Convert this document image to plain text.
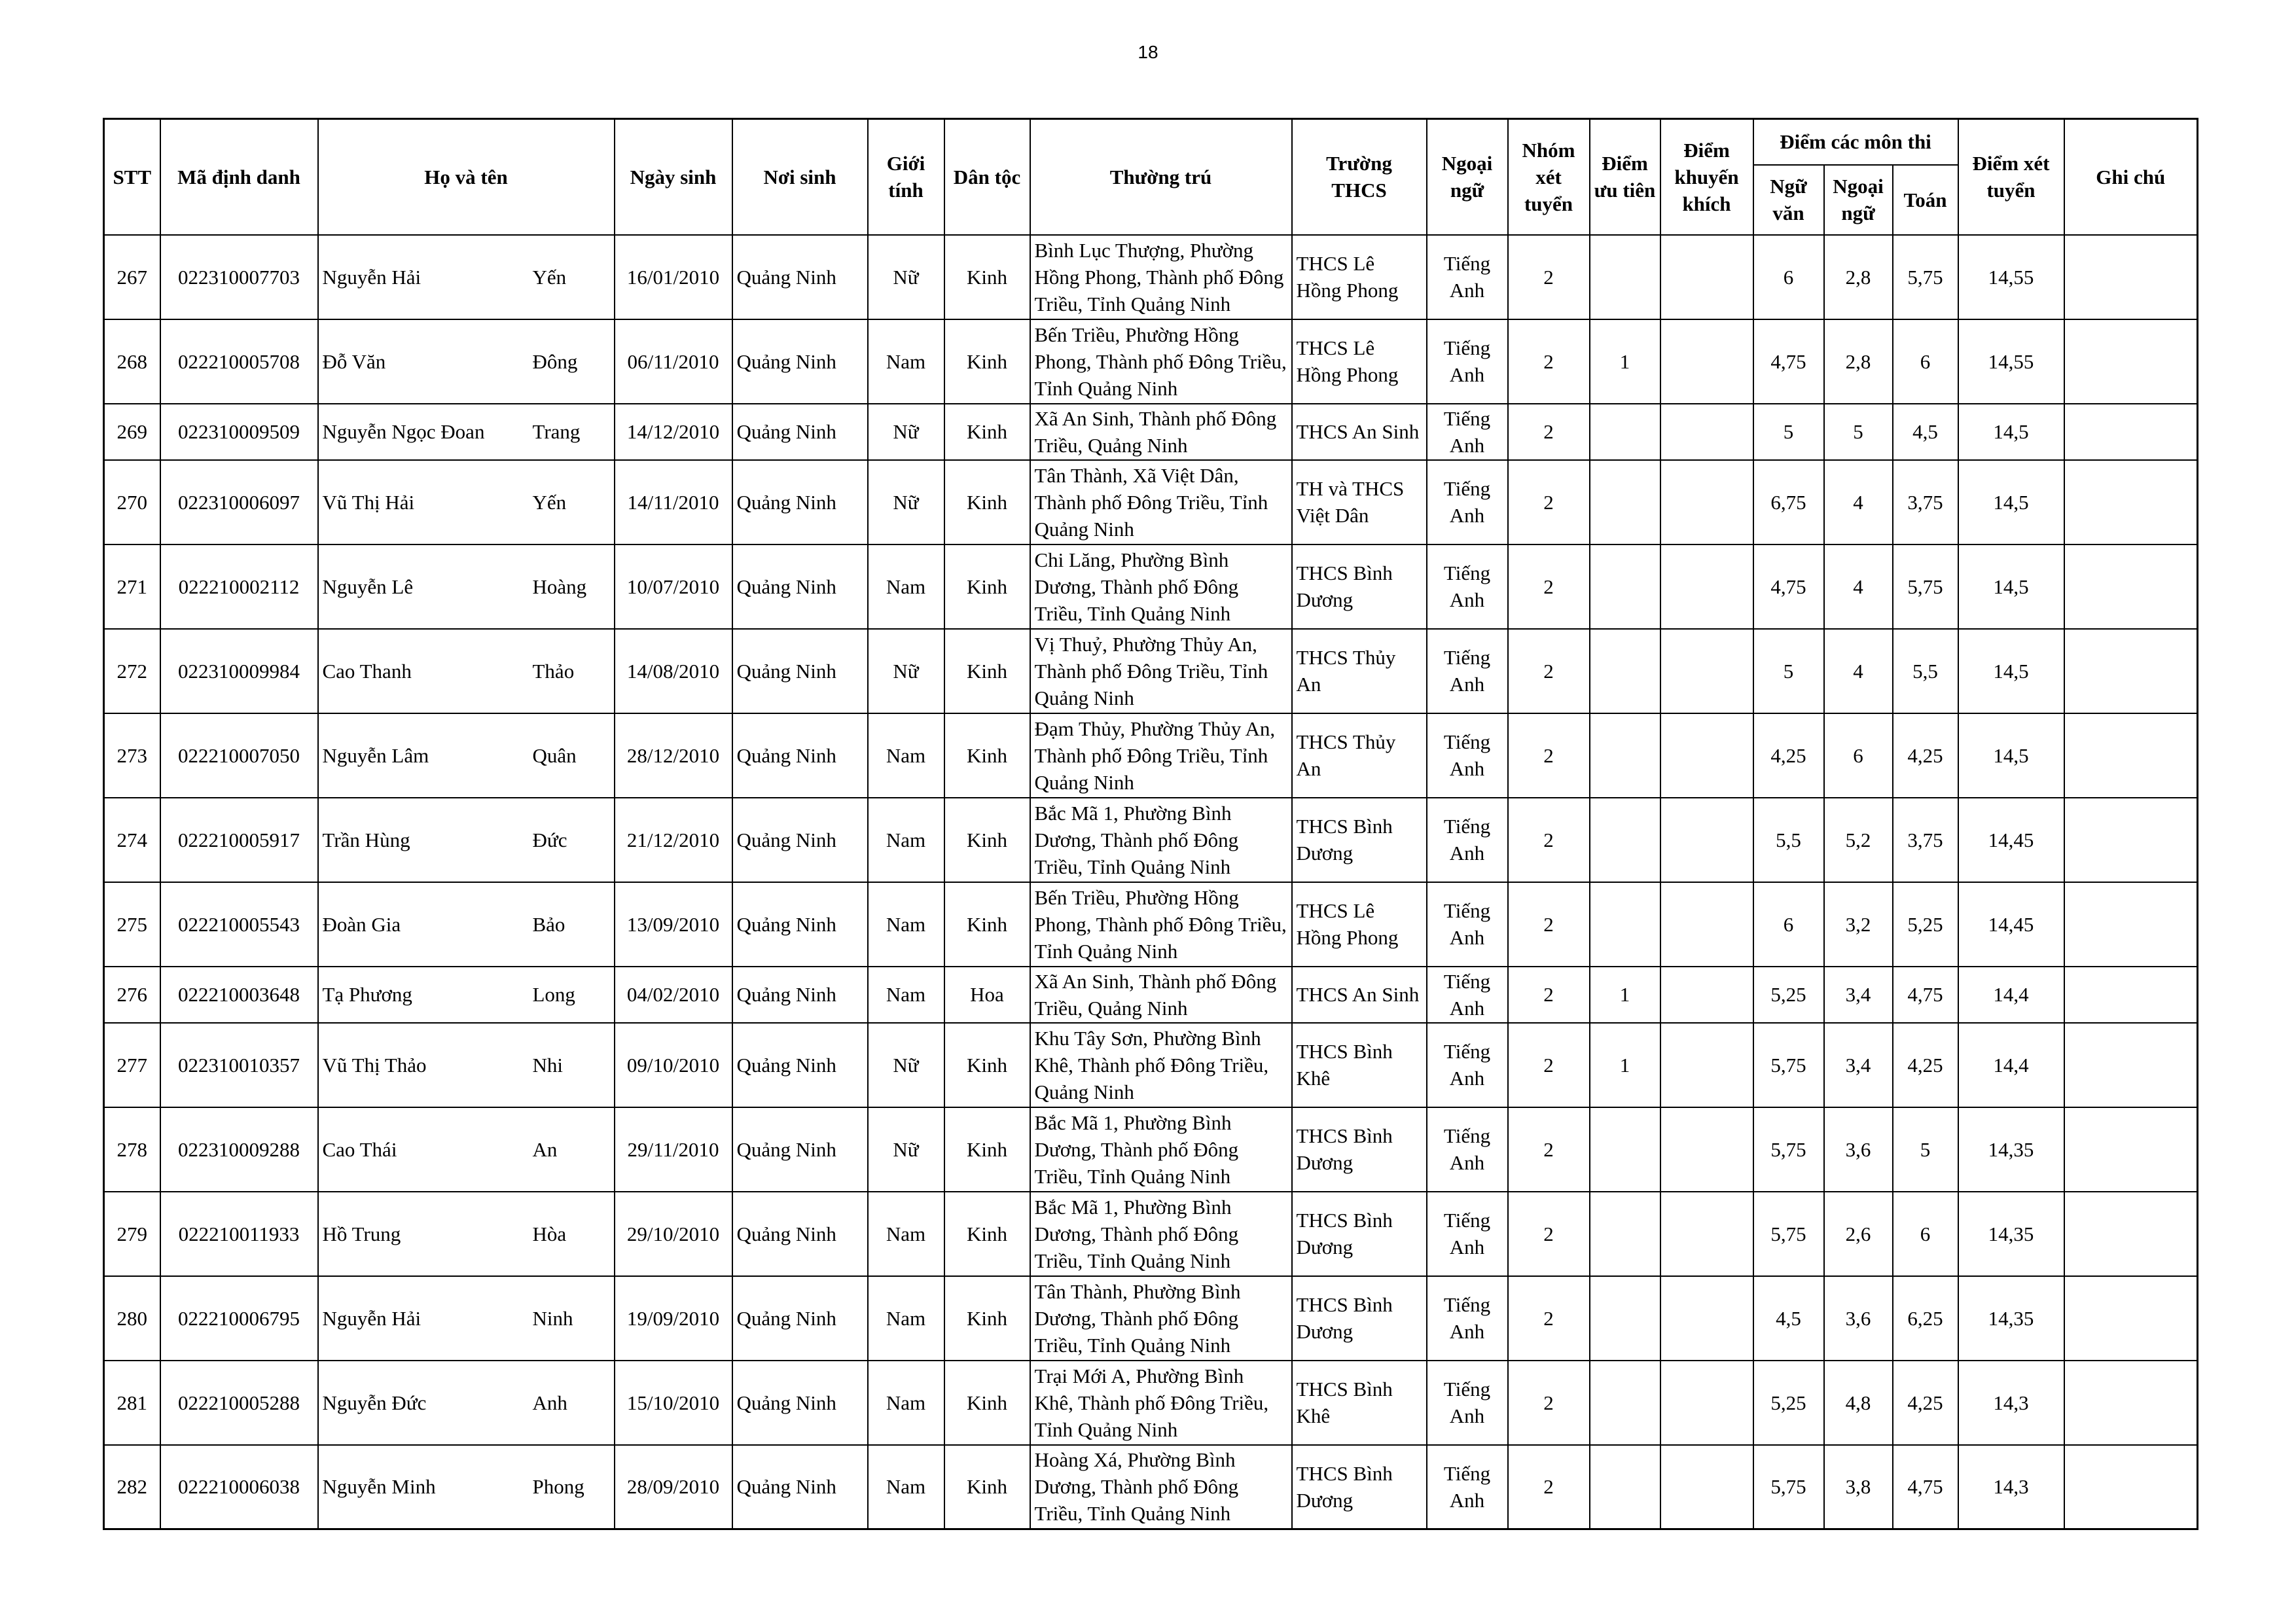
18
STT	Mã định danh	Họ và tên	Ngày sinh	Nơi sinh	Giới tính	Dân tộc	Thường trú	Trường THCS	Ngoại ngữ	Nhóm xét tuyển	Điểm ưu tiên	Điểm khuyến khích	Điểm các môn thi			Điểm xét tuyển	Ghi chú
													Ngữ văn	Ngoại ngữ	Toán		
267	022310007703	Nguyễn Hải Yến	16/01/2010	Quảng Ninh	Nữ	Kinh	Bình Lục Thượng, Phường Hồng Phong, Thành phố Đông Triều, Tỉnh Quảng Ninh	THCS Lê Hồng Phong	Tiếng Anh	2			6	2,8	5,75	14,55	
268	022210005708	Đỗ Văn Đông	06/11/2010	Quảng Ninh	Nam	Kinh	Bến Triều, Phường Hồng Phong, Thành phố Đông Triều, Tỉnh Quảng Ninh	THCS Lê Hồng Phong	Tiếng Anh	2	1		4,75	2,8	6	14,55	
269	022310009509	Nguyễn Ngọc Đoan Trang	14/12/2010	Quảng Ninh	Nữ	Kinh	Xã An Sinh, Thành phố Đông Triều, Quảng Ninh	THCS An Sinh	Tiếng Anh	2			5	5	4,5	14,5	
270	022310006097	Vũ Thị Hải Yến	14/11/2010	Quảng Ninh	Nữ	Kinh	Tân Thành, Xã Việt Dân, Thành phố Đông Triều, Tỉnh Quảng Ninh	TH và THCS Việt Dân	Tiếng Anh	2			6,75	4	3,75	14,5	
271	022210002112	Nguyễn Lê Hoàng	10/07/2010	Quảng Ninh	Nam	Kinh	Chi Lăng, Phường Bình Dương, Thành phố Đông Triều, Tỉnh Quảng Ninh	THCS Bình Dương	Tiếng Anh	2			4,75	4	5,75	14,5	
272	022310009984	Cao Thanh Thảo	14/08/2010	Quảng Ninh	Nữ	Kinh	Vị Thuỷ, Phường Thủy An, Thành phố Đông Triều, Tỉnh Quảng Ninh	THCS Thủy An	Tiếng Anh	2			5	4	5,5	14,5	
273	022210007050	Nguyễn Lâm Quân	28/12/2010	Quảng Ninh	Nam	Kinh	Đạm Thủy, Phường Thủy An, Thành phố Đông Triều, Tỉnh Quảng Ninh	THCS Thủy An	Tiếng Anh	2			4,25	6	4,25	14,5	
274	022210005917	Trần Hùng Đức	21/12/2010	Quảng Ninh	Nam	Kinh	Bắc Mã 1, Phường Bình Dương, Thành phố Đông Triều, Tỉnh Quảng Ninh	THCS Bình Dương	Tiếng Anh	2			5,5	5,2	3,75	14,45	
275	022210005543	Đoàn Gia Bảo	13/09/2010	Quảng Ninh	Nam	Kinh	Bến Triều, Phường Hồng Phong, Thành phố Đông Triều, Tỉnh Quảng Ninh	THCS Lê Hồng Phong	Tiếng Anh	2			6	3,2	5,25	14,45	
276	022210003648	Tạ Phương Long	04/02/2010	Quảng Ninh	Nam	Hoa	Xã An Sinh, Thành phố Đông Triều, Quảng Ninh	THCS An Sinh	Tiếng Anh	2	1		5,25	3,4	4,75	14,4	
277	022310010357	Vũ Thị Thảo Nhi	09/10/2010	Quảng Ninh	Nữ	Kinh	Khu Tây Sơn, Phường Bình Khê, Thành phố Đông Triều, Quảng Ninh	THCS Bình Khê	Tiếng Anh	2	1		5,75	3,4	4,25	14,4	
278	022310009288	Cao Thái An	29/11/2010	Quảng Ninh	Nữ	Kinh	Bắc Mã 1, Phường Bình Dương, Thành phố Đông Triều, Tỉnh Quảng Ninh	THCS Bình Dương	Tiếng Anh	2			5,75	3,6	5	14,35	
279	022210011933	Hồ Trung Hòa	29/10/2010	Quảng Ninh	Nam	Kinh	Bắc Mã 1, Phường Bình Dương, Thành phố Đông Triều, Tỉnh Quảng Ninh	THCS Bình Dương	Tiếng Anh	2			5,75	2,6	6	14,35	
280	022210006795	Nguyễn Hải Ninh	19/09/2010	Quảng Ninh	Nam	Kinh	Tân Thành, Phường Bình Dương, Thành phố Đông Triều, Tỉnh Quảng Ninh	THCS Bình Dương	Tiếng Anh	2			4,5	3,6	6,25	14,35	
281	022210005288	Nguyễn Đức Anh	15/10/2010	Quảng Ninh	Nam	Kinh	Trại Mới A, Phường Bình Khê, Thành phố Đông Triều, Tỉnh Quảng Ninh	THCS Bình Khê	Tiếng Anh	2			5,25	4,8	4,25	14,3	
282	022210006038	Nguyễn Minh Phong	28/09/2010	Quảng Ninh	Nam	Kinh	Hoàng Xá, Phường Bình Dương, Thành phố Đông Triều, Tỉnh Quảng Ninh	THCS Bình Dương	Tiếng Anh	2			5,75	3,8	4,75	14,3	
